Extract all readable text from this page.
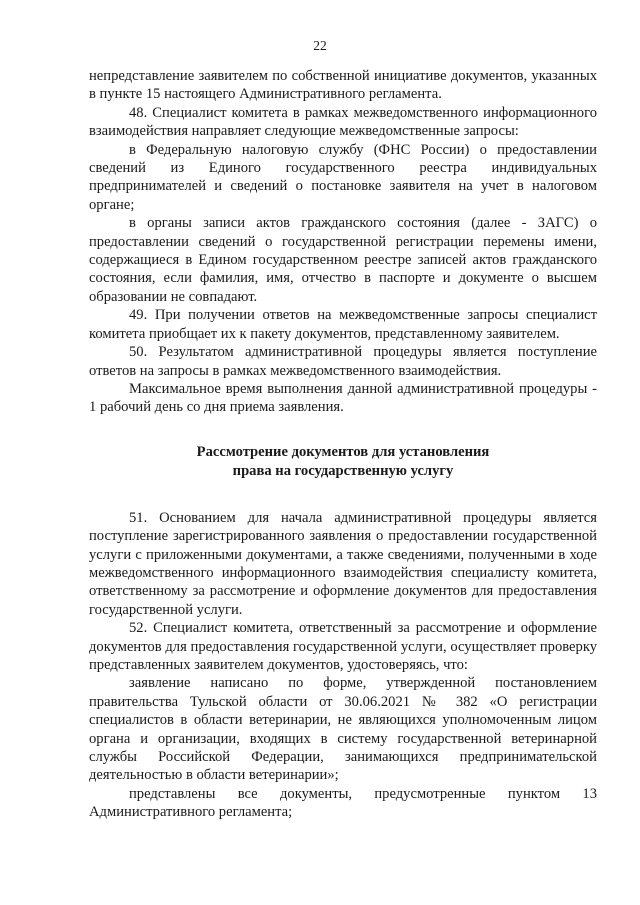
22

непредставление заявителем по собственной инициативе документов, указанных в пункте 15 настоящего Административного регламента.

48. Специалист комитета в рамках межведомственного информационного взаимодействия направляет следующие межведомственные запросы:

в Федеральную налоговую службу (ФНС России) о предоставлении сведений из Единого государственного реестра индивидуальных предпринимателей и сведений о постановке заявителя на учет в налоговом органе;

в органы записи актов гражданского состояния (далее - ЗАГС) о предоставлении сведений о государственной регистрации перемены имени, содержащиеся в Едином государственном реестре записей актов гражданского состояния, если фамилия, имя, отчество в паспорте и документе о высшем образовании не совпадают.

49. При получении ответов на межведомственные запросы специалист комитета приобщает их к пакету документов, представленному заявителем.

50. Результатом административной процедуры является поступление ответов на запросы в рамках межведомственного взаимодействия.

Максимальное время выполнения данной административной процедуры - 1 рабочий день со дня приема заявления.

Рассмотрение документов для установления
права на государственную услугу

51. Основанием для начала административной процедуры является поступление зарегистрированного заявления о предоставлении государственной услуги с приложенными документами, а также сведениями, полученными в ходе межведомственного информационного взаимодействия специалисту комитета, ответственному за рассмотрение и оформление документов для предоставления государственной услуги.

52. Специалист комитета, ответственный за рассмотрение и оформление документов для предоставления государственной услуги, осуществляет проверку представленных заявителем документов, удостоверяясь, что:

заявление написано по форме, утвержденной постановлением правительства Тульской области от 30.06.2021 № 382 «О регистрации специалистов в области ветеринарии, не являющихся уполномоченным лицом органа и организации, входящих в систему государственной ветеринарной службы Российской Федерации, занимающихся предпринимательской деятельностью в области ветеринарии»;

представлены все документы, предусмотренные пунктом 13 Административного регламента;
